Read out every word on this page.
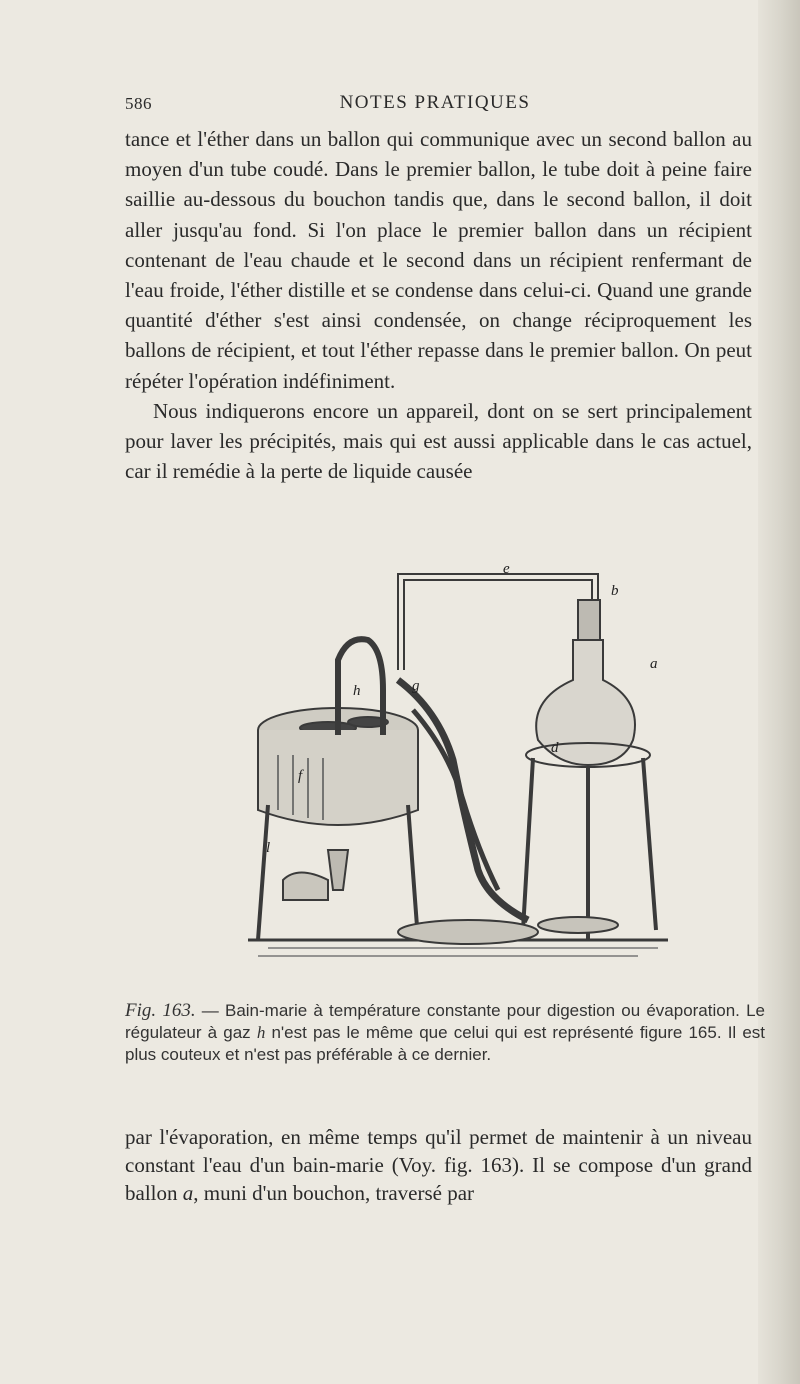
586	NOTES PRATIQUES

tance et l'éther dans un ballon qui communique avec un second ballon au moyen d'un tube coudé. Dans le premier ballon, le tube doit à peine faire saillie au-dessous du bouchon tandis que, dans le second ballon, il doit aller jusqu'au fond. Si l'on place le premier ballon dans un récipient contenant de l'eau chaude et le second dans un récipient renfermant de l'eau froide, l'éther distille et se condense dans celui-ci. Quand une grande quantité d'éther s'est ainsi condensée, on change réciproquement les ballons de récipient, et tout l'éther repasse dans le premier ballon. On peut répéter l'opération indéfiniment.

Nous indiquerons encore un appareil, dont on se sert principalement pour laver les précipités, mais qui est aussi applicable dans le cas actuel, car il remédie à la perte de liquide causée

e
b
a
g
h
f
d
l
Fig. 163. — Bain-marie à température constante pour digestion ou évaporation. Le régulateur à gaz h n'est pas le même que celui qui est représenté figure 165. Il est plus couteux et n'est pas préférable à ce dernier.

par l'évaporation, en même temps qu'il permet de maintenir à un niveau constant l'eau d'un bain-marie (Voy. fig. 163). Il se compose d'un grand ballon a, muni d'un bouchon, traversé par
